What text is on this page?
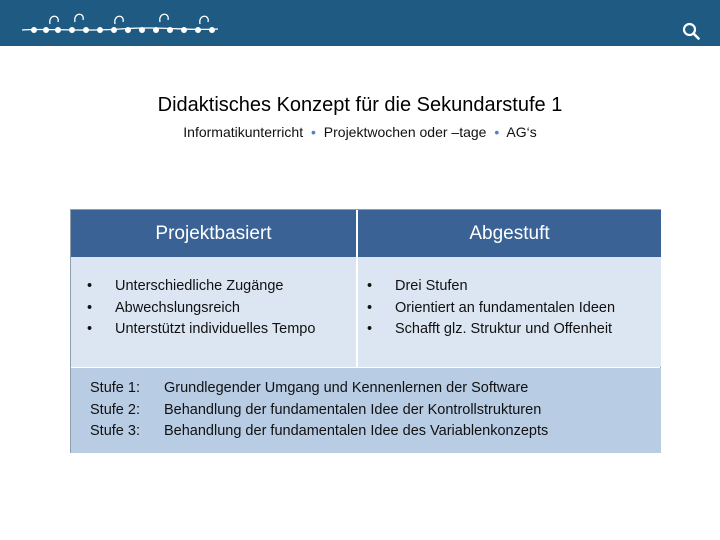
Didaktisches Konzept für die Sekundarstufe 1
Informatikunterricht • Projektwochen oder –tage • AG‘s
Projektbasiert	Abgestuft
• Unterschiedliche Zugänge
• Abwechslungsreich
• Unterstützt individuelles Tempo
• Drei Stufen
• Orientiert an fundamentalen Ideen
• Schafft glz. Struktur und Offenheit
Stufe 1: Grundlegender Umgang und Kennenlernen der Software
Stufe 2: Behandlung der fundamentalen Idee der Kontrollstrukturen
Stufe 3: Behandlung der fundamentalen Idee des Variablenkonzepts
